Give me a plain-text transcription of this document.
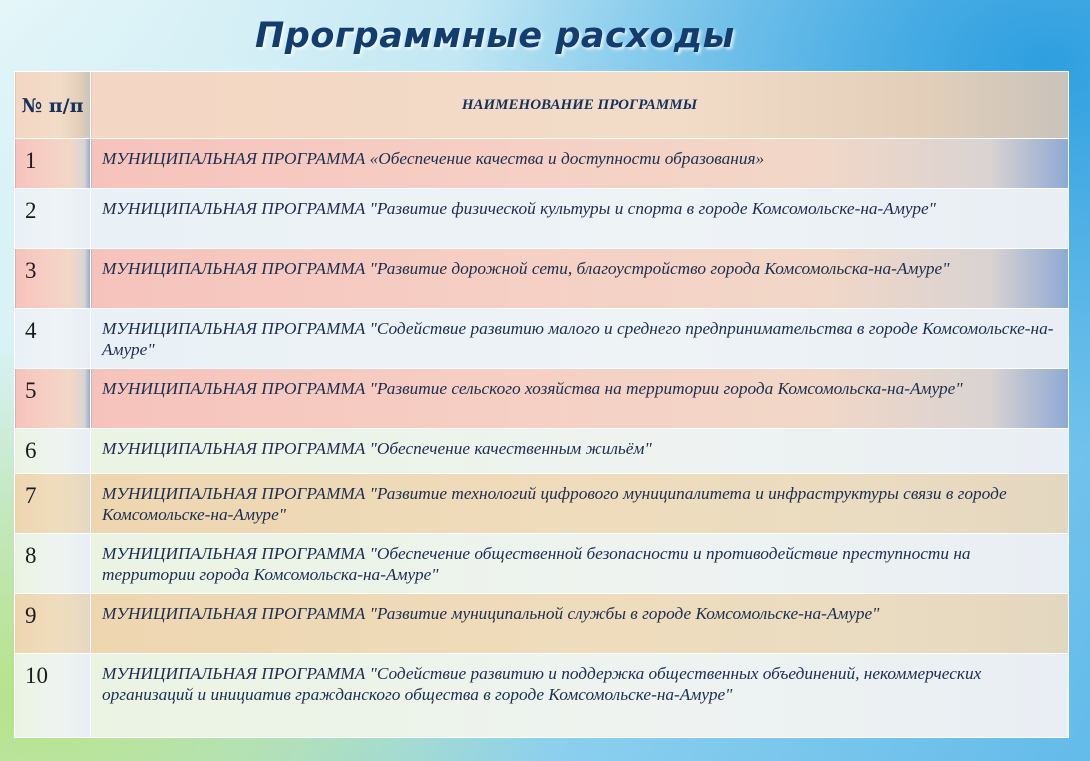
Программные расходы
№ п/п	НАИМЕНОВАНИЕ ПРОГРАММЫ
1	МУНИЦИПАЛЬНАЯ ПРОГРАММА «Обеспечение качества и доступности образования»
2	МУНИЦИПАЛЬНАЯ ПРОГРАММА "Развитие физической культуры и спорта в городе Комсомольске-на-Амуре"
3	МУНИЦИПАЛЬНАЯ ПРОГРАММА "Развитие дорожной сети, благоустройство города Комсомольска-на-Амуре"
4	МУНИЦИПАЛЬНАЯ ПРОГРАММА "Содействие развитию малого и среднего предпринимательства в городе Комсомольске-на-Амуре"
5	МУНИЦИПАЛЬНАЯ ПРОГРАММА "Развитие сельского хозяйства на территории города Комсомольска-на-Амуре"
6	МУНИЦИПАЛЬНАЯ ПРОГРАММА "Обеспечение качественным жильём"
7	МУНИЦИПАЛЬНАЯ ПРОГРАММА "Развитие технологий цифрового муниципалитета и инфраструктуры связи в городе Комсомольске-на-Амуре"
8	МУНИЦИПАЛЬНАЯ ПРОГРАММА "Обеспечение общественной безопасности и противодействие преступности на территории города Комсомольска-на-Амуре"
9	МУНИЦИПАЛЬНАЯ ПРОГРАММА "Развитие муниципальной службы в городе Комсомольске-на-Амуре"
10	МУНИЦИПАЛЬНАЯ ПРОГРАММА "Содействие развитию и поддержка общественных объединений, некоммерческих организаций и инициатив гражданского общества в городе Комсомольске-на-Амуре"
